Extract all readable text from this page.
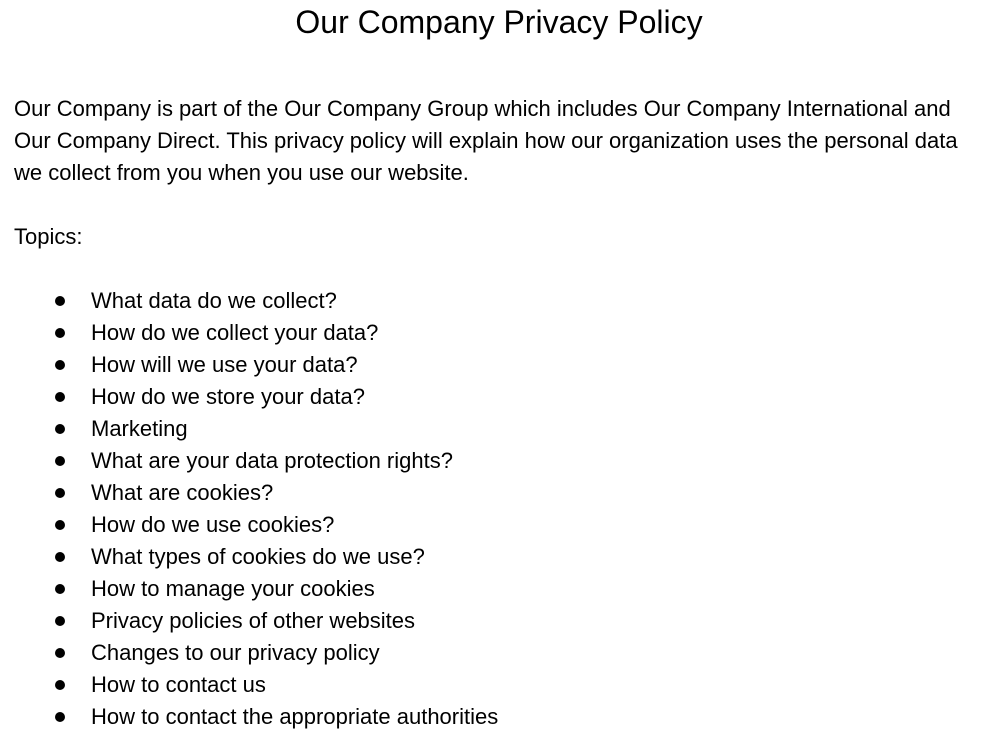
Our Company Privacy Policy

Our Company is part of the Our Company Group which includes Our Company International and Our Company Direct. This privacy policy will explain how our organization uses the personal data we collect from you when you use our website.

Topics:

What data do we collect?
How do we collect your data?
How will we use your data?
How do we store your data?
Marketing
What are your data protection rights?
What are cookies?
How do we use cookies?
What types of cookies do we use?
How to manage your cookies
Privacy policies of other websites
Changes to our privacy policy
How to contact us
How to contact the appropriate authorities
